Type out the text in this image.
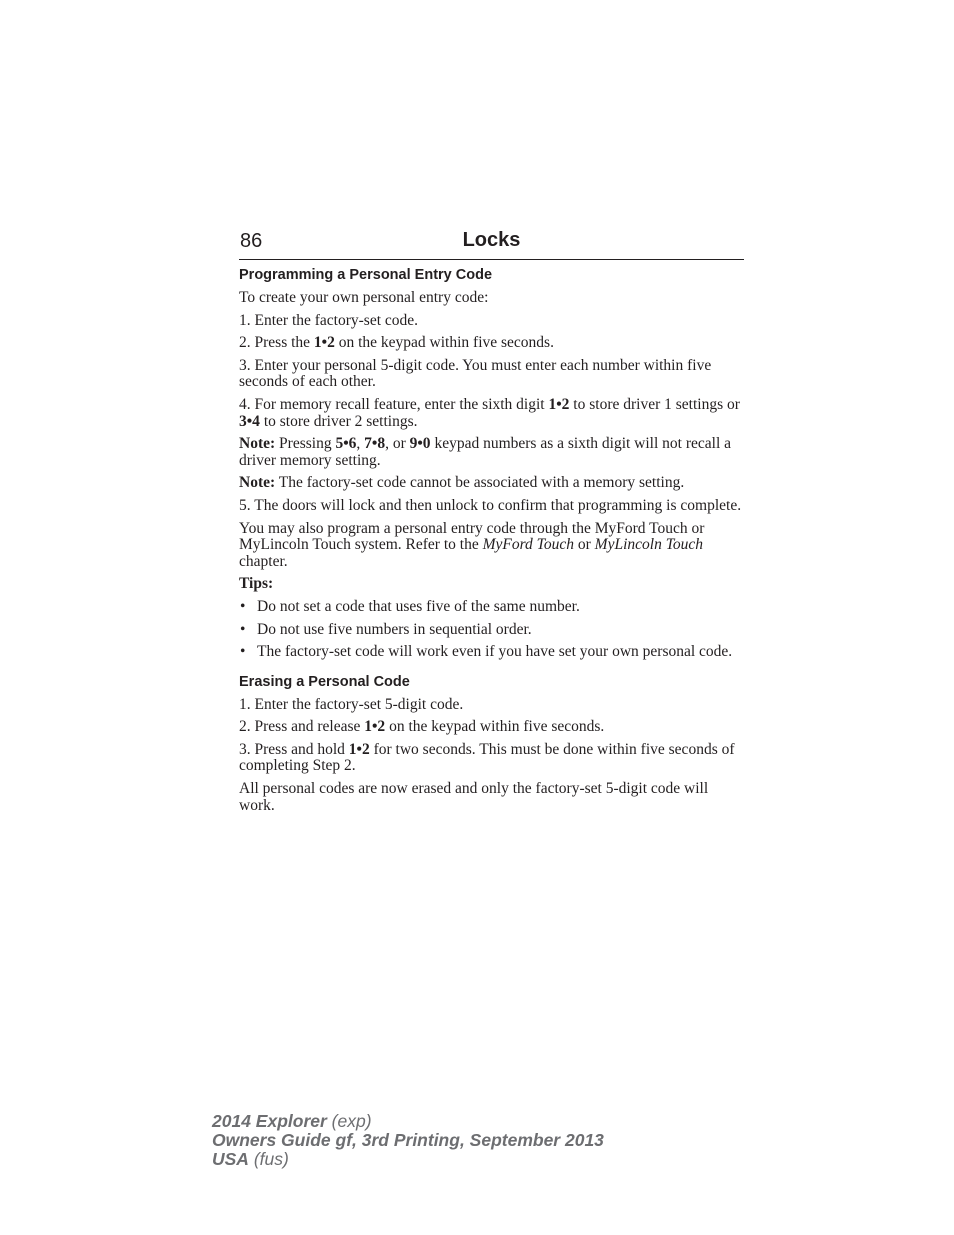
86	Locks
Programming a Personal Entry Code

To create your own personal entry code:

1. Enter the factory-set code.

2. Press the 1•2 on the keypad within five seconds.

3. Enter your personal 5-digit code. You must enter each number within five seconds of each other.

4. For memory recall feature, enter the sixth digit 1•2 to store driver 1 settings or 3•4 to store driver 2 settings.

Note: Pressing 5•6, 7•8, or 9•0 keypad numbers as a sixth digit will not recall a driver memory setting.

Note: The factory-set code cannot be associated with a memory setting.

5. The doors will lock and then unlock to confirm that programming is complete.

You may also program a personal entry code through the MyFord Touch or MyLincoln Touch system. Refer to the MyFord Touch or MyLincoln Touch chapter.

Tips:

• Do not set a code that uses five of the same number.
• Do not use five numbers in sequential order.
• The factory-set code will work even if you have set your own personal code.
Erasing a Personal Code

1. Enter the factory-set 5-digit code.

2. Press and release 1•2 on the keypad within five seconds.

3. Press and hold 1•2 for two seconds. This must be done within five seconds of completing Step 2.

All personal codes are now erased and only the factory-set 5-digit code will work.

2014 Explorer (exp)
Owners Guide gf, 3rd Printing, September 2013
USA (fus)
